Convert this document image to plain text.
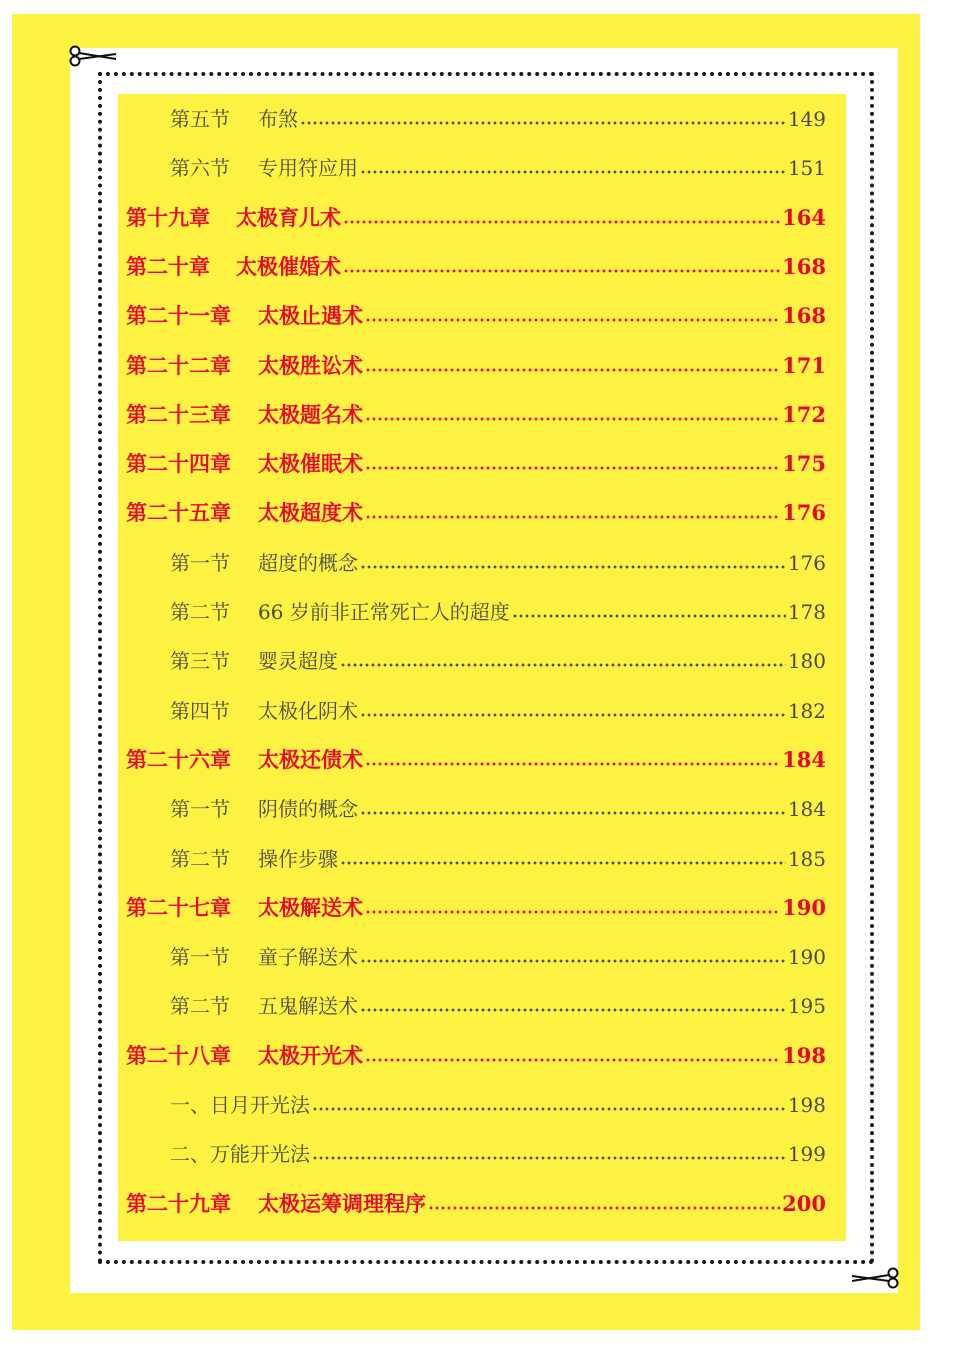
第五节 布煞	149
第六节 专用符应用	151
第十九章 太极育儿术	164
第二十章 太极催婚术	168
第二十一章 太极止遇术	168
第二十二章 太极胜讼术	171
第二十三章 太极题名术	172
第二十四章 太极催眠术	175
第二十五章 太极超度术	176
第一节 超度的概念	176
第二节 66 岁前非正常死亡人的超度	178
第三节 婴灵超度	180
第四节 太极化阴术	182
第二十六章 太极还债术	184
第一节 阴债的概念	184
第二节 操作步骤	185
第二十七章 太极解送术	190
第一节 童子解送术	190
第二节 五鬼解送术	195
第二十八章 太极开光术	198
一、日月开光法	198
二、万能开光法	199
第二十九章 太极运筹调理程序	200
